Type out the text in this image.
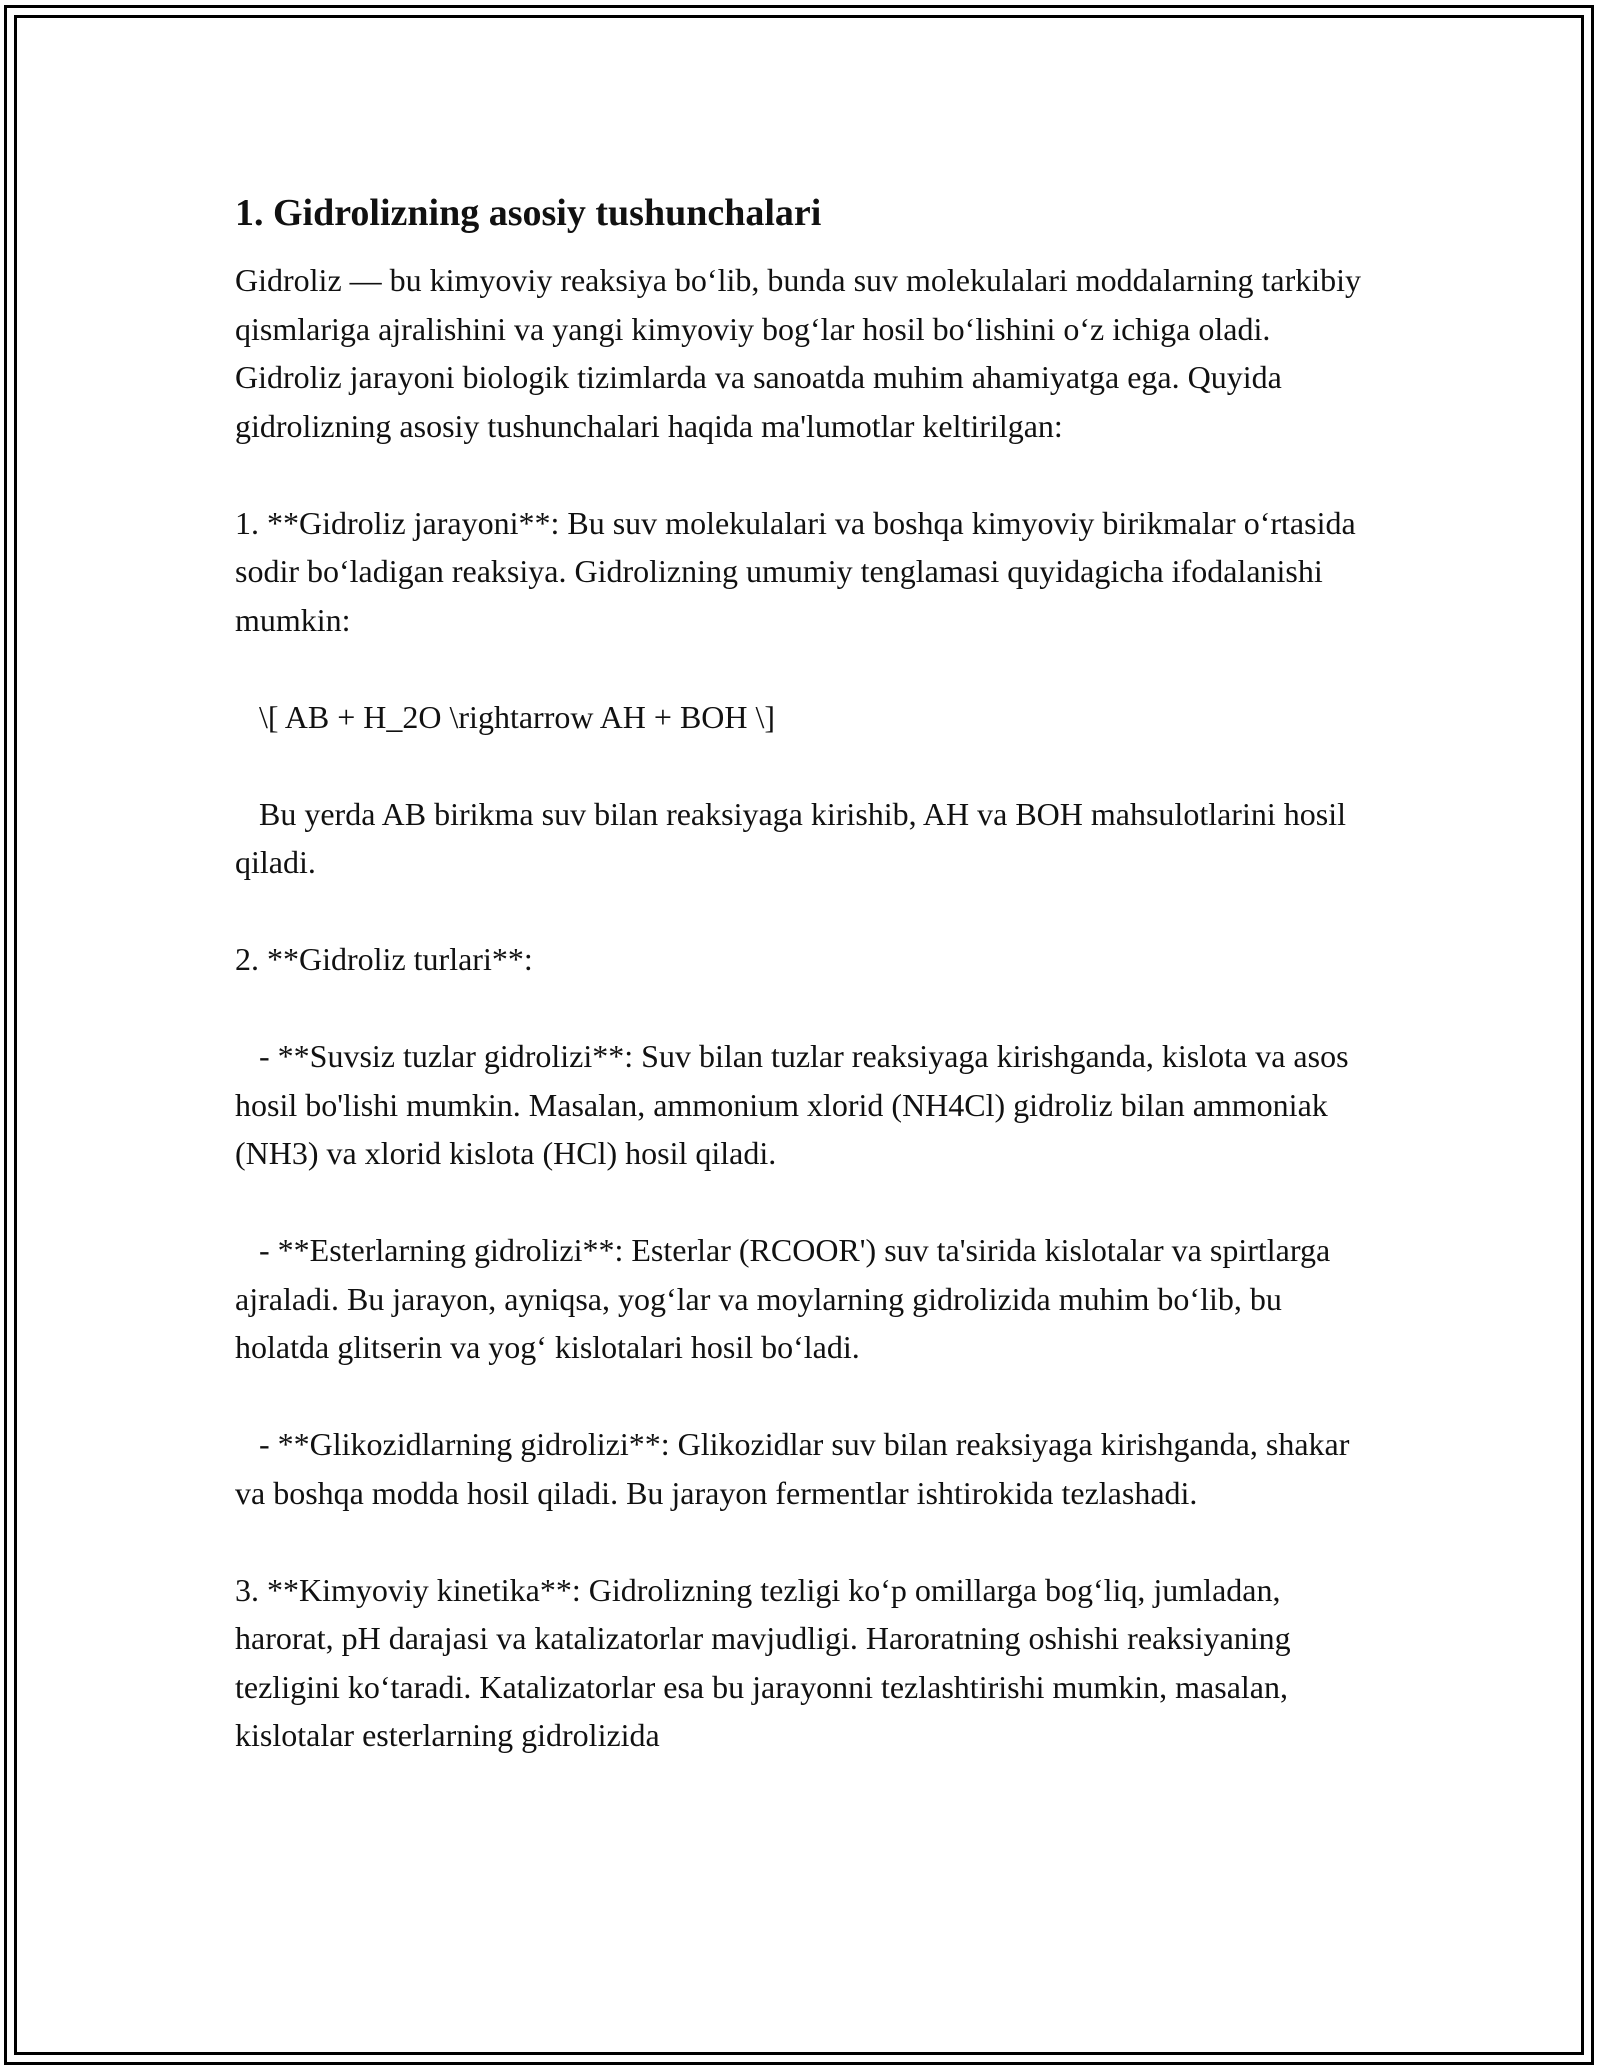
1. Gidrolizning asosiy tushunchalari

Gidroliz — bu kimyoviy reaksiya bo‘lib, bunda suv molekulalari moddalarning tarkibiy qismlariga ajralishini va yangi kimyoviy bog‘lar hosil bo‘lishini o‘z ichiga oladi. Gidroliz jarayoni biologik tizimlarda va sanoatda muhim ahamiyatga ega. Quyida gidrolizning asosiy tushunchalari haqida ma'lumotlar keltirilgan:

1. **Gidroliz jarayoni**: Bu suv molekulalari va boshqa kimyoviy birikmalar o‘rtasida sodir bo‘ladigan reaksiya. Gidrolizning umumiy tenglamasi quyidagicha ifodalanishi mumkin:

\[ AB + H_2O \rightarrow AH + BOH \]

Bu yerda AB birikma suv bilan reaksiyaga kirishib, AH va BOH mahsulotlarini hosil qiladi.

2. **Gidroliz turlari**:

- **Suvsiz tuzlar gidrolizi**: Suv bilan tuzlar reaksiyaga kirishganda, kislota va asos hosil bo'lishi mumkin. Masalan, ammonium xlorid (NH4Cl) gidroliz bilan ammoniak (NH3) va xlorid kislota (HCl) hosil qiladi.

- **Esterlarning gidrolizi**: Esterlar (RCOOR') suv ta'sirida kislotalar va spirtlarga ajraladi. Bu jarayon, ayniqsa, yog‘lar va moylarning gidrolizida muhim bo‘lib, bu holatda glitserin va yog‘ kislotalari hosil bo‘ladi.

- **Glikozidlarning gidrolizi**: Glikozidlar suv bilan reaksiyaga kirishganda, shakar va boshqa modda hosil qiladi. Bu jarayon fermentlar ishtirokida tezlashadi.

3. **Kimyoviy kinetika**: Gidrolizning tezligi ko‘p omillarga bog‘liq, jumladan, harorat, pH darajasi va katalizatorlar mavjudligi. Haroratning oshishi reaksiyaning tezligini ko‘taradi. Katalizatorlar esa bu jarayonni tezlashtirishi mumkin, masalan, kislotalar esterlarning gidrolizida
